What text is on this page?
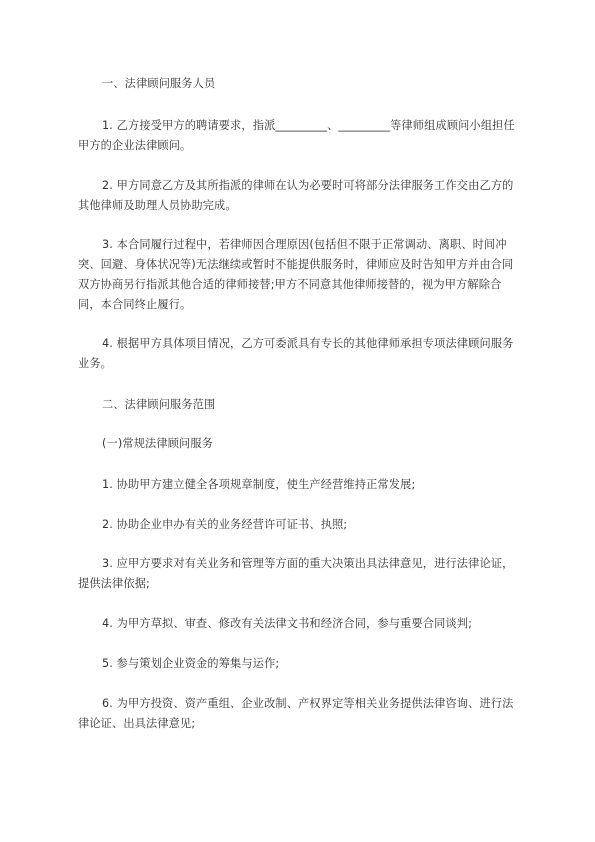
一、法律顾问服务人员

1. 乙方接受甲方的聘请要求，指派_________、_________等律师组成顾问小组担任甲方的企业法律顾问。

2. 甲方同意乙方及其所指派的律师在认为必要时可将部分法律服务工作交由乙方的其他律师及助理人员协助完成。

3. 本合同履行过程中，若律师因合理原因(包括但不限于正常调动、离职、时间冲突、回避、身体状况等)无法继续或暂时不能提供服务时，律师应及时告知甲方并由合同双方协商另行指派其他合适的律师接替;甲方不同意其他律师接替的，视为甲方解除合同，本合同终止履行。

4. 根据甲方具体项目情况，乙方可委派具有专长的其他律师承担专项法律顾问服务业务。

二、法律顾问服务范围

(一)常规法律顾问服务

1. 协助甲方建立健全各项规章制度，使生产经营维持正常发展;

2. 协助企业申办有关的业务经营许可证书、执照;

3. 应甲方要求对有关业务和管理等方面的重大决策出具法律意见，进行法律论证，提供法律依据;

4. 为甲方草拟、审查、修改有关法律文书和经济合同，参与重要合同谈判;

5. 参与策划企业资金的筹集与运作;

6. 为甲方投资、资产重组、企业改制、产权界定等相关业务提供法律咨询、进行法律论证、出具法律意见;
